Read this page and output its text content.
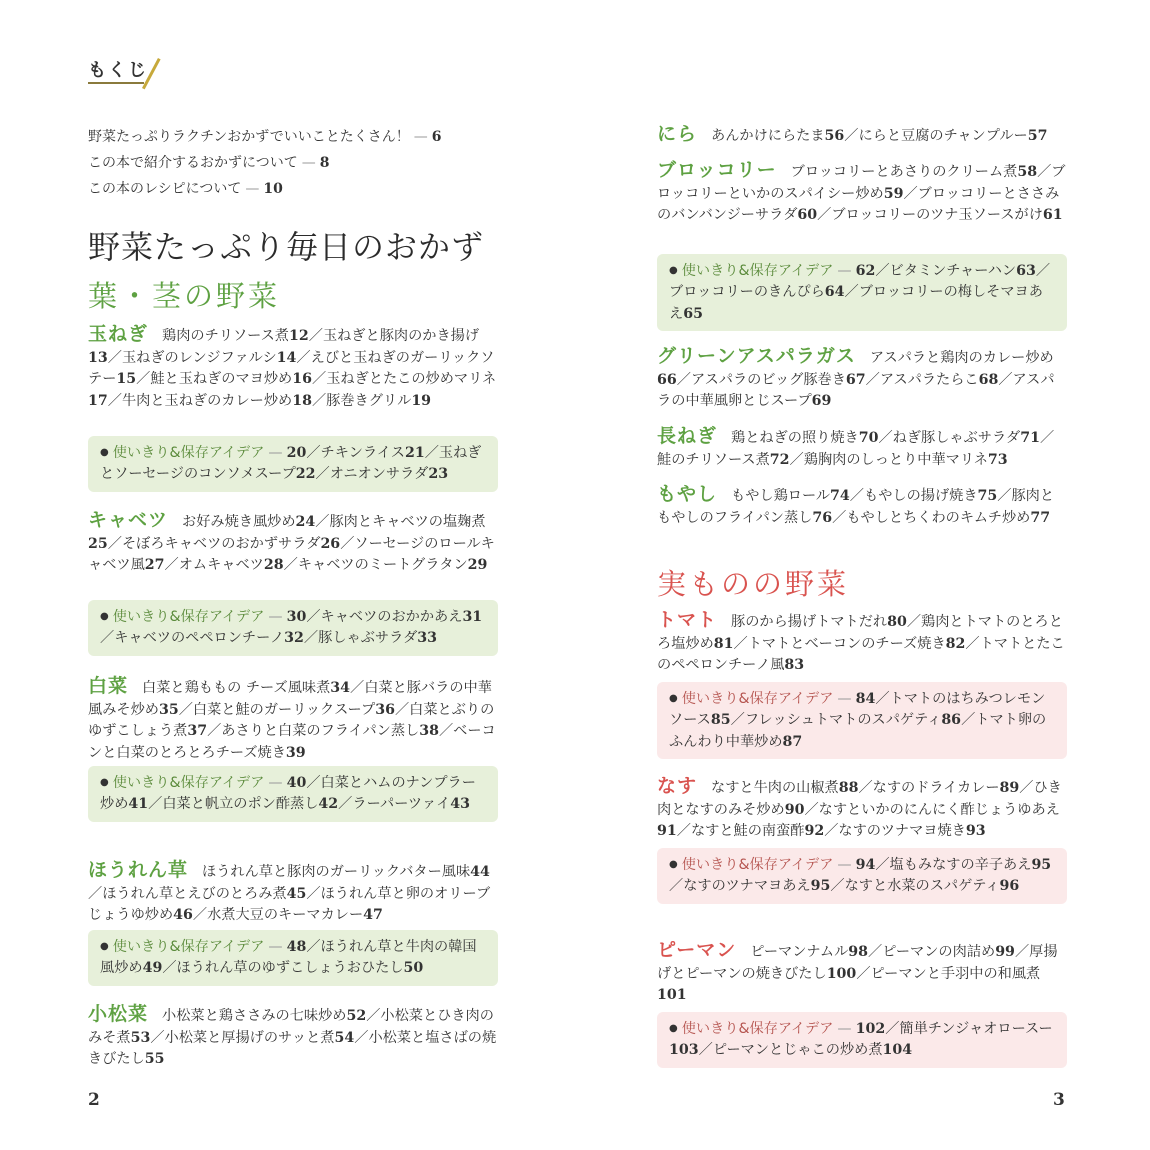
もくじ
野菜たっぷりラクチンおかずでいいことたくさん！ — 6
この本で紹介するおかずについて — 8
この本のレシピについて — 10
野菜たっぷり毎日のおかず
葉・茎の野菜
玉ねぎ 鶏肉のチリソース煮12／玉ねぎと豚肉のかき揚げ13／玉ねぎのレンジファルシ14／えびと玉ねぎのガーリックソテー15／鮭と玉ねぎのマヨ炒め16／玉ねぎとたこの炒めマリネ17／牛肉と玉ねぎのカレー炒め18／豚巻きグリル19
● 使いきり&保存アイデア — 20／チキンライス21／玉ねぎとソーセージのコンソメスープ22／オニオンサラダ23
キャベツ お好み焼き風炒め24／豚肉とキャベツの塩麹煮25／そぼろキャベツのおかずサラダ26／ソーセージのロールキャベツ風27／オムキャベツ28／キャベツのミートグラタン29
● 使いきり&保存アイデア — 30／キャベツのおかかあえ31／キャベツのペペロンチーノ32／豚しゃぶサラダ33
白菜 白菜と鶏ももの チーズ風味煮34／白菜と豚バラの中華風みそ炒め35／白菜と鮭のガーリックスープ36／白菜とぶりのゆずこしょう煮37／あさりと白菜のフライパン蒸し38／ベーコンと白菜のとろとろチーズ焼き39
● 使いきり&保存アイデア — 40／白菜とハムのナンプラー炒め41／白菜と帆立のポン酢蒸し42／ラーパーツァイ43
ほうれん草 ほうれん草と豚肉のガーリックバター風味44／ほうれん草とえびのとろみ煮45／ほうれん草と卵のオリーブじょうゆ炒め46／水煮大豆のキーマカレー47
● 使いきり&保存アイデア — 48／ほうれん草と牛肉の韓国風炒め49／ほうれん草のゆずこしょうおひたし50
小松菜 小松菜と鶏ささみの七味炒め52／小松菜とひき肉のみそ煮53／小松菜と厚揚げのサッと煮54／小松菜と塩さばの焼きびたし55
2
にら あんかけにらたま56／にらと豆腐のチャンプルー57
ブロッコリー ブロッコリーとあさりのクリーム煮58／ブロッコリーといかのスパイシー炒め59／ブロッコリーとささみのバンバンジーサラダ60／ブロッコリーのツナ玉ソースがけ61
● 使いきり&保存アイデア — 62／ビタミンチャーハン63／ブロッコリーのきんぴら64／ブロッコリーの梅しそマヨあえ65
グリーンアスパラガス アスパラと鶏肉のカレー炒め66／アスパラのビッグ豚巻き67／アスパラたらこ68／アスパラの中華風卵とじスープ69
長ねぎ 鶏とねぎの照り焼き70／ねぎ豚しゃぶサラダ71／鮭のチリソース煮72／鶏胸肉のしっとり中華マリネ73
もやし もやし鶏ロール74／もやしの揚げ焼き75／豚肉ともやしのフライパン蒸し76／もやしとちくわのキムチ炒め77
実ものの野菜
トマト 豚のから揚げトマトだれ80／鶏肉とトマトのとろとろ塩炒め81／トマトとベーコンのチーズ焼き82／トマトとたこのペペロンチーノ風83
● 使いきり&保存アイデア — 84／トマトのはちみつレモンソース85／フレッシュトマトのスパゲティ86／トマト卵のふんわり中華炒め87
なす なすと牛肉の山椒煮88／なすのドライカレー89／ひき肉となすのみそ炒め90／なすといかのにんにく酢じょうゆあえ91／なすと鮭の南蛮酢92／なすのツナマヨ焼き93
● 使いきり&保存アイデア — 94／塩もみなすの辛子あえ95／なすのツナマヨあえ95／なすと水菜のスパゲティ96
ピーマン ピーマンナムル98／ピーマンの肉詰め99／厚揚げとピーマンの焼きびたし100／ピーマンと手羽中の和風煮101
● 使いきり&保存アイデア — 102／簡単チンジャオロースー103／ピーマンとじゃこの炒め煮104
3
